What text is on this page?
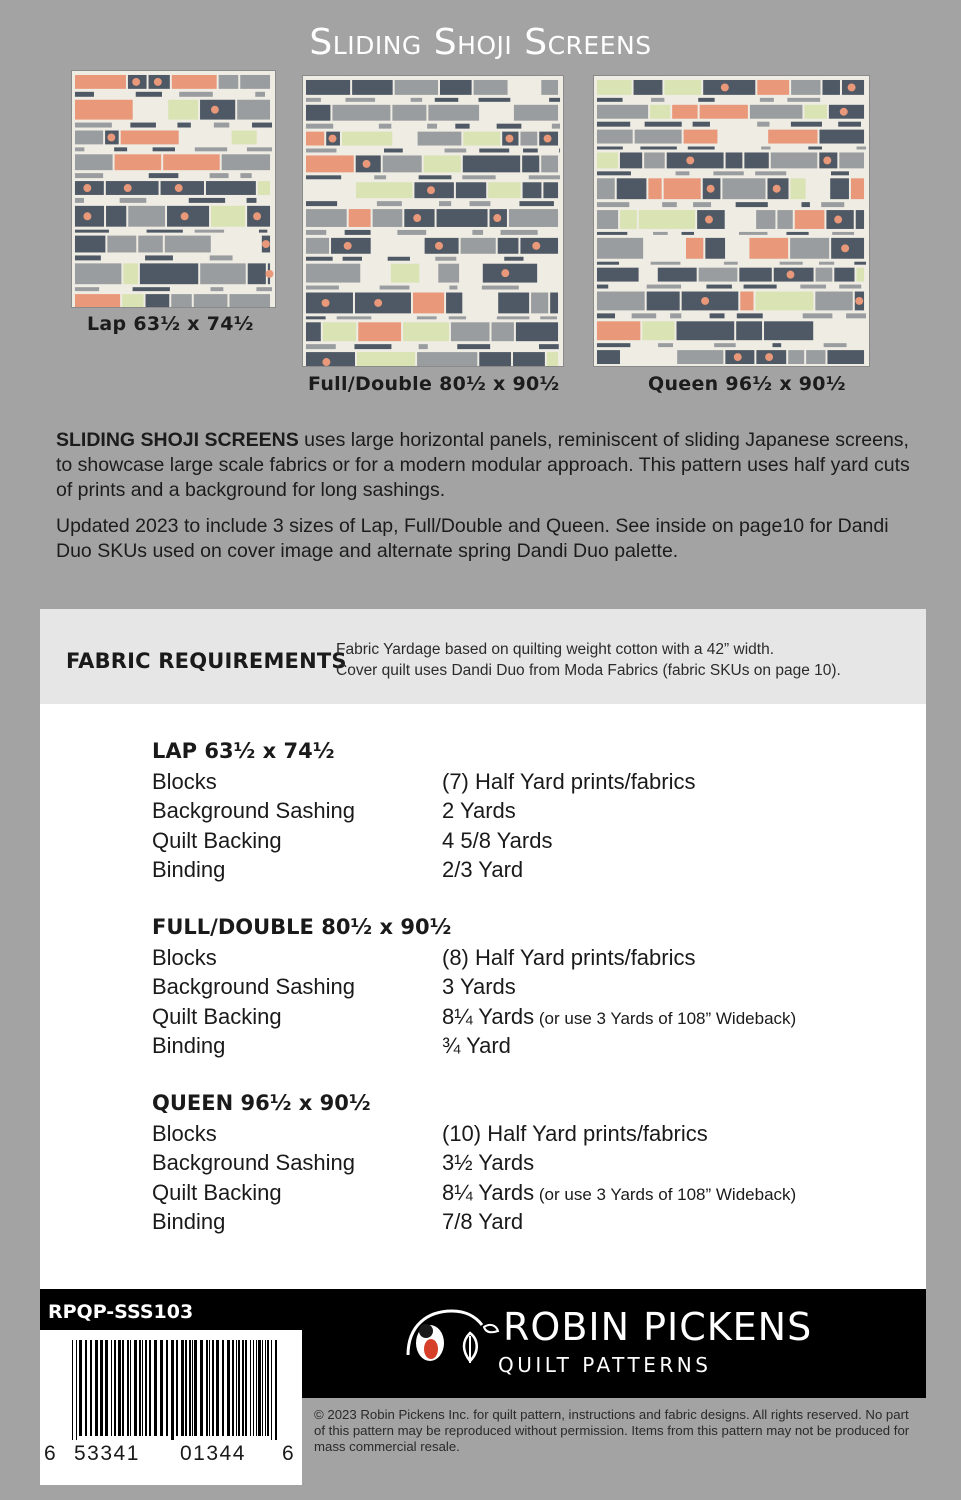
Sliding Shoji Screens
Lap 63½ x 74½
Full/Double 80½ x 90½	Queen 96½ x 90½
SLIDING SHOJI SCREENS uses large horizontal panels, reminiscent of sliding Japanese screens, to showcase large scale fabrics or for a modern modular approach. This pattern uses half yard cuts of prints and a background for long sashings.
Updated 2023 to include 3 sizes of Lap, Full/Double and Queen. See inside on page10 for Dandi Duo SKUs used on cover image and alternate spring Dandi Duo palette.
FABRIC REQUIREMENTS
Fabric Yardage based on quilting weight cotton with a 42” width.
Cover quilt uses Dandi Duo from Moda Fabrics (fabric SKUs on page 10).
LAP 63½ x 74½
Blocks	(7) Half Yard prints/fabrics
Background Sashing	2 Yards
Quilt Backing	4 5/8 Yards
Binding	2/3 Yard
FULL/DOUBLE 80½ x 90½
Blocks	(8) Half Yard prints/fabrics
Background Sashing	3 Yards
Quilt Backing	8¼ Yards (or use 3 Yards of 108” Wideback)
Binding	¾ Yard
QUEEN 96½ x 90½
Blocks	(10) Half Yard prints/fabrics
Background Sashing	3½ Yards
Quilt Backing	8¼ Yards (or use 3 Yards of 108” Wideback)
Binding	7/8 Yard
RPQP-SSS103	ROBIN PICKENS
QUILT PATTERNS
6 53341 01344 6
© 2023 Robin Pickens Inc. for quilt pattern, instructions and fabric designs. All rights reserved. No part of this pattern may be reproduced without permission. Items from this pattern may not be produced for mass commercial resale.
